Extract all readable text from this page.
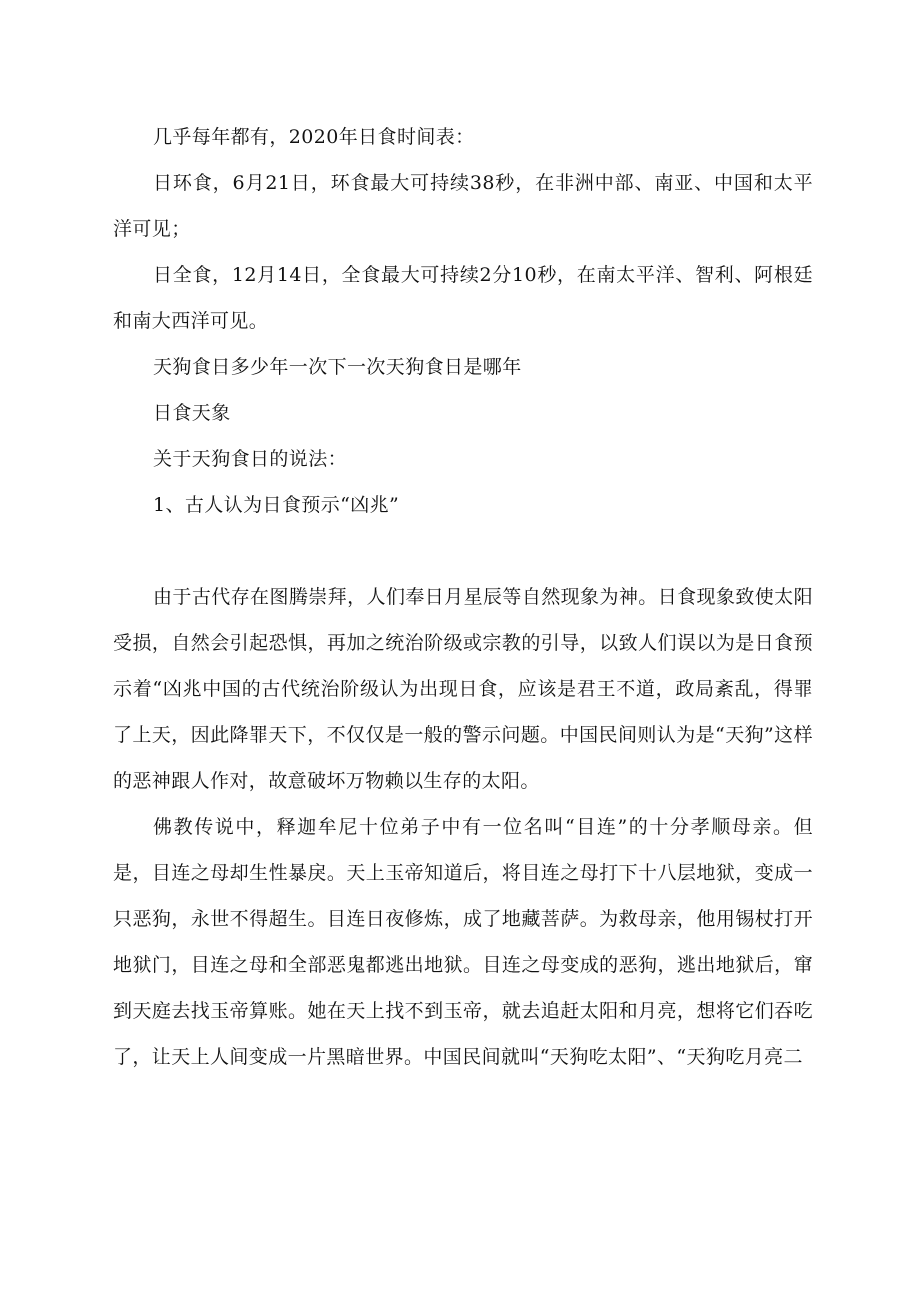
几乎每年都有，2020年日食时间表：

日环食，6月21日，环食最大可持续38秒，在非洲中部、南亚、中国和太平洋可见；

日全食，12月14日，全食最大可持续2分10秒，在南太平洋、智利、阿根廷和南大西洋可见。

天狗食日多少年一次下一次天狗食日是哪年

日食天象

关于天狗食日的说法：

1、古人认为日食预示“凶兆”

由于古代存在图腾崇拜，人们奉日月星辰等自然现象为神。日食现象致使太阳受损，自然会引起恐惧，再加之统治阶级或宗教的引导，以致人们误以为是日食预示着“凶兆中国的古代统治阶级认为出现日食，应该是君王不道，政局紊乱，得罪了上天，因此降罪天下，不仅仅是一般的警示问题。中国民间则认为是“天狗”这样的恶神跟人作对，故意破坏万物赖以生存的太阳。

佛教传说中，释迦牟尼十位弟子中有一位名叫“目连”的十分孝顺母亲。但是，目连之母却生性暴戾。天上玉帝知道后，将目连之母打下十八层地狱，变成一只恶狗，永世不得超生。目连日夜修炼，成了地藏菩萨。为救母亲，他用锡杖打开地狱门，目连之母和全部恶鬼都逃出地狱。目连之母变成的恶狗，逃出地狱后，窜到天庭去找玉帝算账。她在天上找不到玉帝，就去追赶太阳和月亮，想将它们吞吃了，让天上人间变成一片黑暗世界。中国民间就叫“天狗吃太阳”、“天狗吃月亮二
